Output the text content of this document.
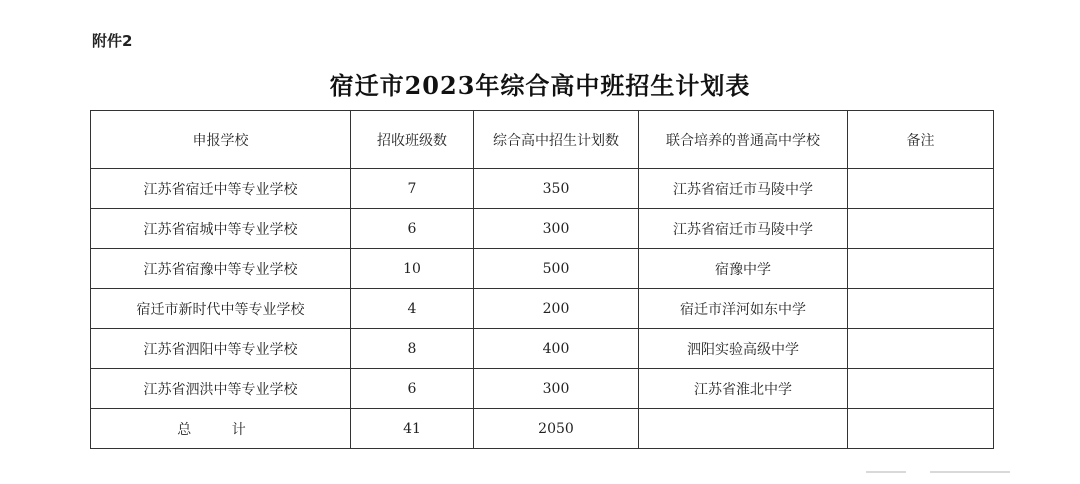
附件2
宿迁市2023年综合高中班招生计划表
申报学校	招收班级数	综合高中招生计划数	联合培养的普通高中学校	备注
江苏省宿迁中等专业学校	7	350	江苏省宿迁市马陵中学	
江苏省宿城中等专业学校	6	300	江苏省宿迁市马陵中学	
江苏省宿豫中等专业学校	10	500	宿豫中学	
宿迁市新时代中等专业学校	4	200	宿迁市洋河如东中学	
江苏省泗阳中等专业学校	8	400	泗阳实验高级中学	
江苏省泗洪中等专业学校	6	300	江苏省淮北中学	
总 计	41	2050		
